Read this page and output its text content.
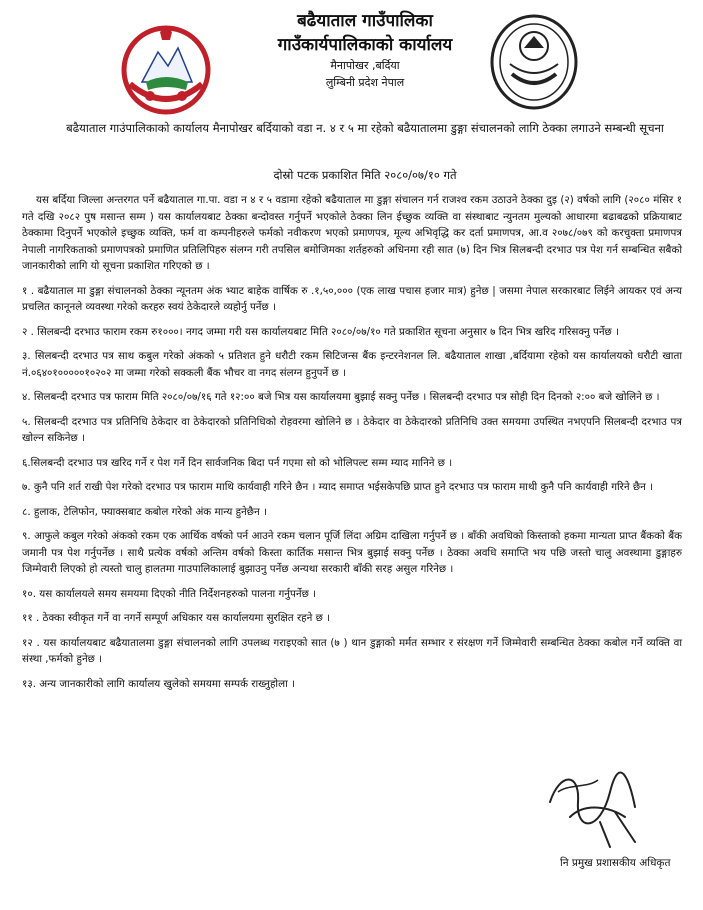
बढैयाताल गाउँपालिका
गाउँकार्यपालिकाको कार्यालय
मैनापोखर ,बर्दिया
लुम्बिनी प्रदेश नेपाल
बढैयाताल गाउंपालिकाको कार्यालय मैनापोखर बर्दियाको वडा न. ४ र ५ मा रहेको बढैयातालमा डुङ्गा संचालनको लागि ठेक्का लगाउने सम्बन्धी सूचना
दोस्रो पटक प्रकाशित मिति २०८०/०७/१० गते

यस बर्दिया जिल्ला अन्तरगत पर्ने बढैयाताल गा.पा. वडा न ४ र ५ वडामा रहेको बढैयाताल मा डुङ्गा संचालन गर्न राजश्व रकम उठाउने ठेक्का दुइ (२) वर्षको लागि (२०८० मंसिर १ गते दखि २०८२ पुष मसान्त सम्म ) यस कार्यालयबाट ठेक्का बन्दोवस्त गर्नुपर्ने भएकोले ठेक्का लिन ईच्छुक व्यक्ति वा संस्थाबाट न्युनतम मुल्यको आधारमा बढाबढको प्रक्रियाबाट ठेक्कामा दिनुपर्ने भएकोले इच्छुक व्यक्ति, फर्म वा कम्पनीहरुले फर्मको नवीकरण भएको प्रमाणपत्र, मूल्य अभिवृद्धि कर दर्ता प्रमाणपत्र, आ.व २०७८/०७९ को करचुक्ता प्रमाणपत्र नेपाली नागरिकताको प्रमाणपत्रको प्रमाणित प्रतिलिपिहरु संलग्न गरी तपसिल बमोजिमका शर्तहरुको अधिनमा रही सात (७) दिन भित्र सिलबन्दी दरभाउ पत्र पेश गर्न सम्बन्धित सबैको जानकारीको लागि यो सूचना प्रकाशित गरिएको छ ।

१ . बढैयाताल मा डुङ्गा संचालनको ठेक्का न्यूनतम अंक भ्याट बाहेक वार्षिक रु .१,५०,००० (एक लाख पचास हजार मात्र) हुनेछ | जसमा नेपाल सरकारबाट लिईने आयकर एवं अन्य प्रचलित कानूनले व्यवस्था गरेको करहरु स्वयं ठेकेदारले व्यहोर्नु पर्नेछ ।

२ . सिलबन्दी दरभाउ फाराम रकम रु१०००। नगद जम्मा गरी यस कार्यालयबाट मिति २०८०/०७/१० गते प्रकाशित सूचना अनुसार ७ दिन भित्र खरिद गरिसक्नु पर्नेछ ।

३. सिलबन्दी दरभाउ पत्र साथ कबुल गरेको अंकको ५ प्रतिशत हुने धरौटी रकम सिटिजन्स बैंक इन्टरनेशनल लि. बढैयाताल शाखा ,बर्दियामा रहेको यस कार्यालयको धरौटी खाता नं.०६४०१०००००१०२०२ मा जम्मा गरेको सक्कली बैंक भौचर वा नगद संलग्न हुनुपर्ने छ ।

४. सिलबन्दी दरभाउ पत्र फाराम मिति २०८०/०७/१६ गते १२:०० बजे भित्र यस कार्यालयमा बुझाई सक्नु पर्नेछ । सिलबन्दी दरभाउ पत्र सोही दिन दिनको २:०० बजे खोलिने छ ।

५. सिलबन्दी दरभाउ पत्र प्रतिनिधि ठेकेदार वा ठेकेदारको प्रतिनिधिको रोहवरमा खोलिने छ । ठेकेदार वा ठेकेदारको प्रतिनिधि उक्त समयमा उपस्थित नभएपनि सिलबन्दी दरभाउ पत्र खोल्न सकिनेछ ।

६.सिलबन्दी दरभाउ पत्र खरिद गर्ने र पेश गर्ने दिन सार्वजनिक बिदा पर्न गएमा सो को भोलिपल्ट सम्म म्याद मानिने छ ।

७. कुनै पनि शर्त राखी पेश गरेको दरभाउ पत्र फाराम माथि कार्यवाही गरिने छैन । म्याद समाप्त भईसकेपछि प्राप्त हुने दरभाउ पत्र फाराम माथी कुनै पनि कार्यवाही गरिने छैन ।

८. हुलाक, टेलिफोन, फ्याक्सबाट कबोल गरेको अंक मान्य हुनेछैन ।

९. आफुले कबुल गरेको अंकको रकम एक आर्थिक वर्षको पर्न आउने रकम चलान पूर्जि लिंदा अग्रिम दाखिला गर्नुपर्ने छ । बाँकी अवधिको किस्ताको हकमा मान्यता प्राप्त बैंकको बैंक जमानी पत्र पेश गर्नुपर्नेछ । साथै प्रत्येक वर्षको अन्तिम वर्षको किस्ता कार्तिक मसान्त भित्र बुझाई सक्नु पर्नेछ । ठेक्का अवधि समाप्ति भय पछि जस्तो चालु अवस्थामा डुङ्गाहरु जिम्मेवारी लिएको हो त्यस्तो चालु हालतमा गाउपालिकालाई बुझाउनु पर्नेछ अन्यथा सरकारी बाँकी सरह असुल गरिनेछ ।

१०. यस कार्यालयले समय समयमा दिएको नीति निर्देशनहरुको पालना गर्नुपर्नेछ ।

११ . ठेक्का स्वीकृत गर्ने वा नगर्ने सम्पूर्ण अधिकार यस कार्यालयमा सुरक्षित रहने छ ।

१२ . यस कार्यालयबाट बढैयातालमा डुङ्गा संचालनको लागि उपलब्ध गराइएको सात (७ ) थान डुङ्गाको मर्मत सम्भार र संरक्षण गर्ने जिम्मेवारी सम्बन्धित ठेक्का कबोल गर्ने व्यक्ति वा संस्था ,फर्मको हुनेछ ।

१३. अन्य जानकारीको लागि कार्यालय खुलेको समयमा सम्पर्क राख्नुहोला ।

नि प्रमुख प्रशासकीय अधिकृत
